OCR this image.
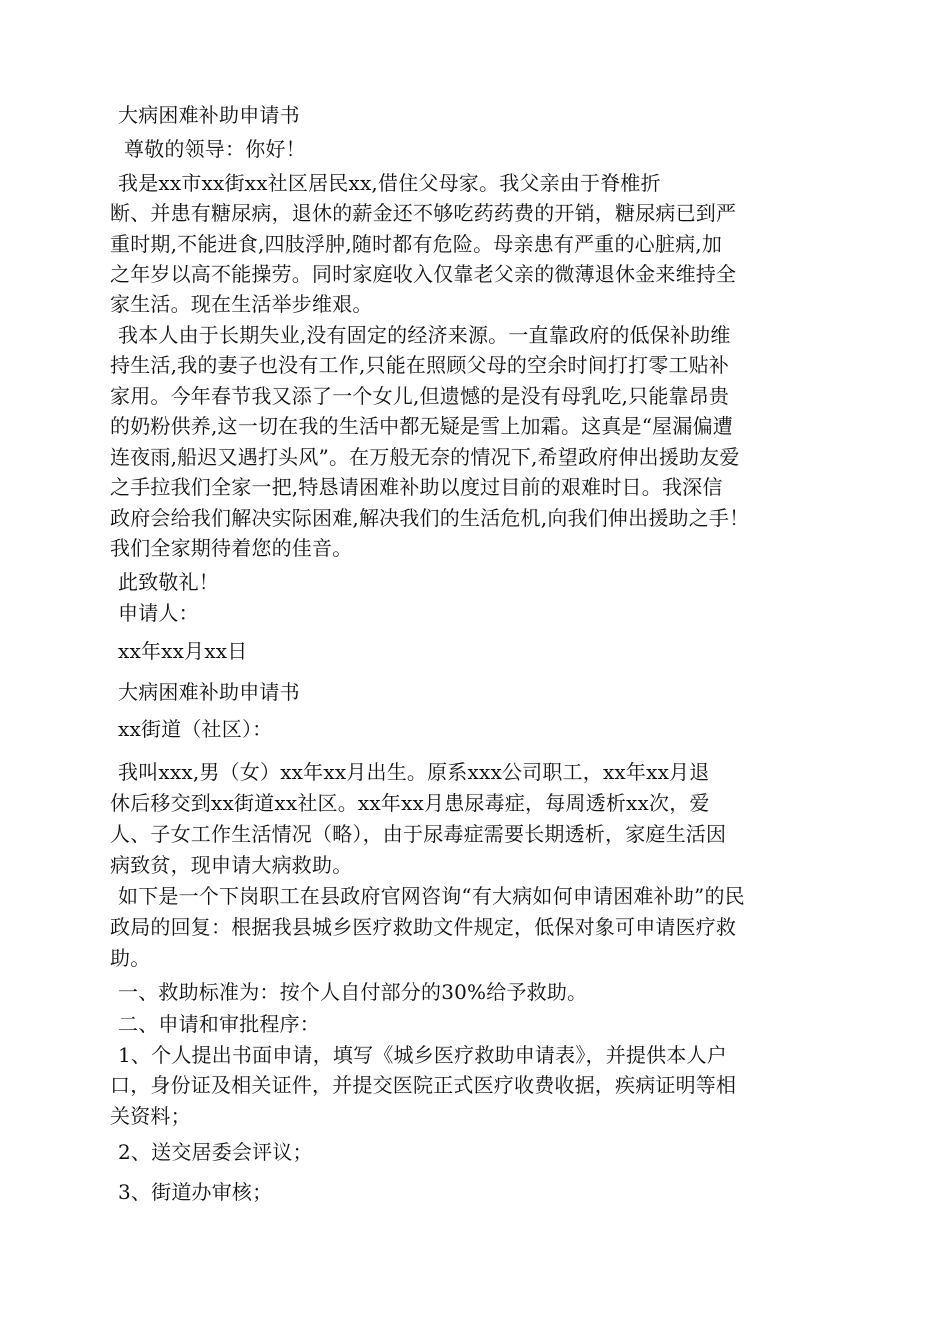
大病困难补助申请书
尊敬的领导：你好！
我是xx市xx街xx社区居民xx,借住父母家。我父亲由于脊椎折
断、并患有糖尿病，退休的薪金还不够吃药药费的开销，糖尿病已到严
重时期,不能进食,四肢浮肿,随时都有危险。母亲患有严重的心脏病,加
之年岁以高不能操劳。同时家庭收入仅靠老父亲的微薄退休金来维持全
家生活。现在生活举步维艰。
我本人由于长期失业,没有固定的经济来源。一直靠政府的低保补助维
持生活,我的妻子也没有工作,只能在照顾父母的空余时间打打零工贴补
家用。今年春节我又添了一个女儿,但遗憾的是没有母乳吃,只能靠昂贵
的奶粉供养,这一切在我的生活中都无疑是雪上加霜。这真是“屋漏偏遭
连夜雨,船迟又遇打头风”。在万般无奈的情况下,希望政府伸出援助友爱
之手拉我们全家一把,特恳请困难补助以度过目前的艰难时日。我深信
政府会给我们解决实际困难,解决我们的生活危机,向我们伸出援助之手！
我们全家期待着您的佳音。
此致敬礼！
申请人：
xx年xx月xx日
大病困难补助申请书
xx街道（社区）：
我叫xxx,男（女）xx年xx月出生。原系xxx公司职工，xx年xx月退
休后移交到xx街道xx社区。xx年xx月患尿毒症，每周透析xx次，爱
人、子女工作生活情况（略），由于尿毒症需要长期透析，家庭生活因
病致贫，现申请大病救助。
如下是一个下岗职工在县政府官网咨询“有大病如何申请困难补助”的民
政局的回复：根据我县城乡医疗救助文件规定，低保对象可申请医疗救
助。
一、救助标准为：按个人自付部分的30%给予救助。
二、申请和审批程序：
1、个人提出书面申请，填写《城乡医疗救助申请表》，并提供本人户
口，身份证及相关证件，并提交医院正式医疗收费收据，疾病证明等相
关资料；
2、送交居委会评议；
3、街道办审核；
